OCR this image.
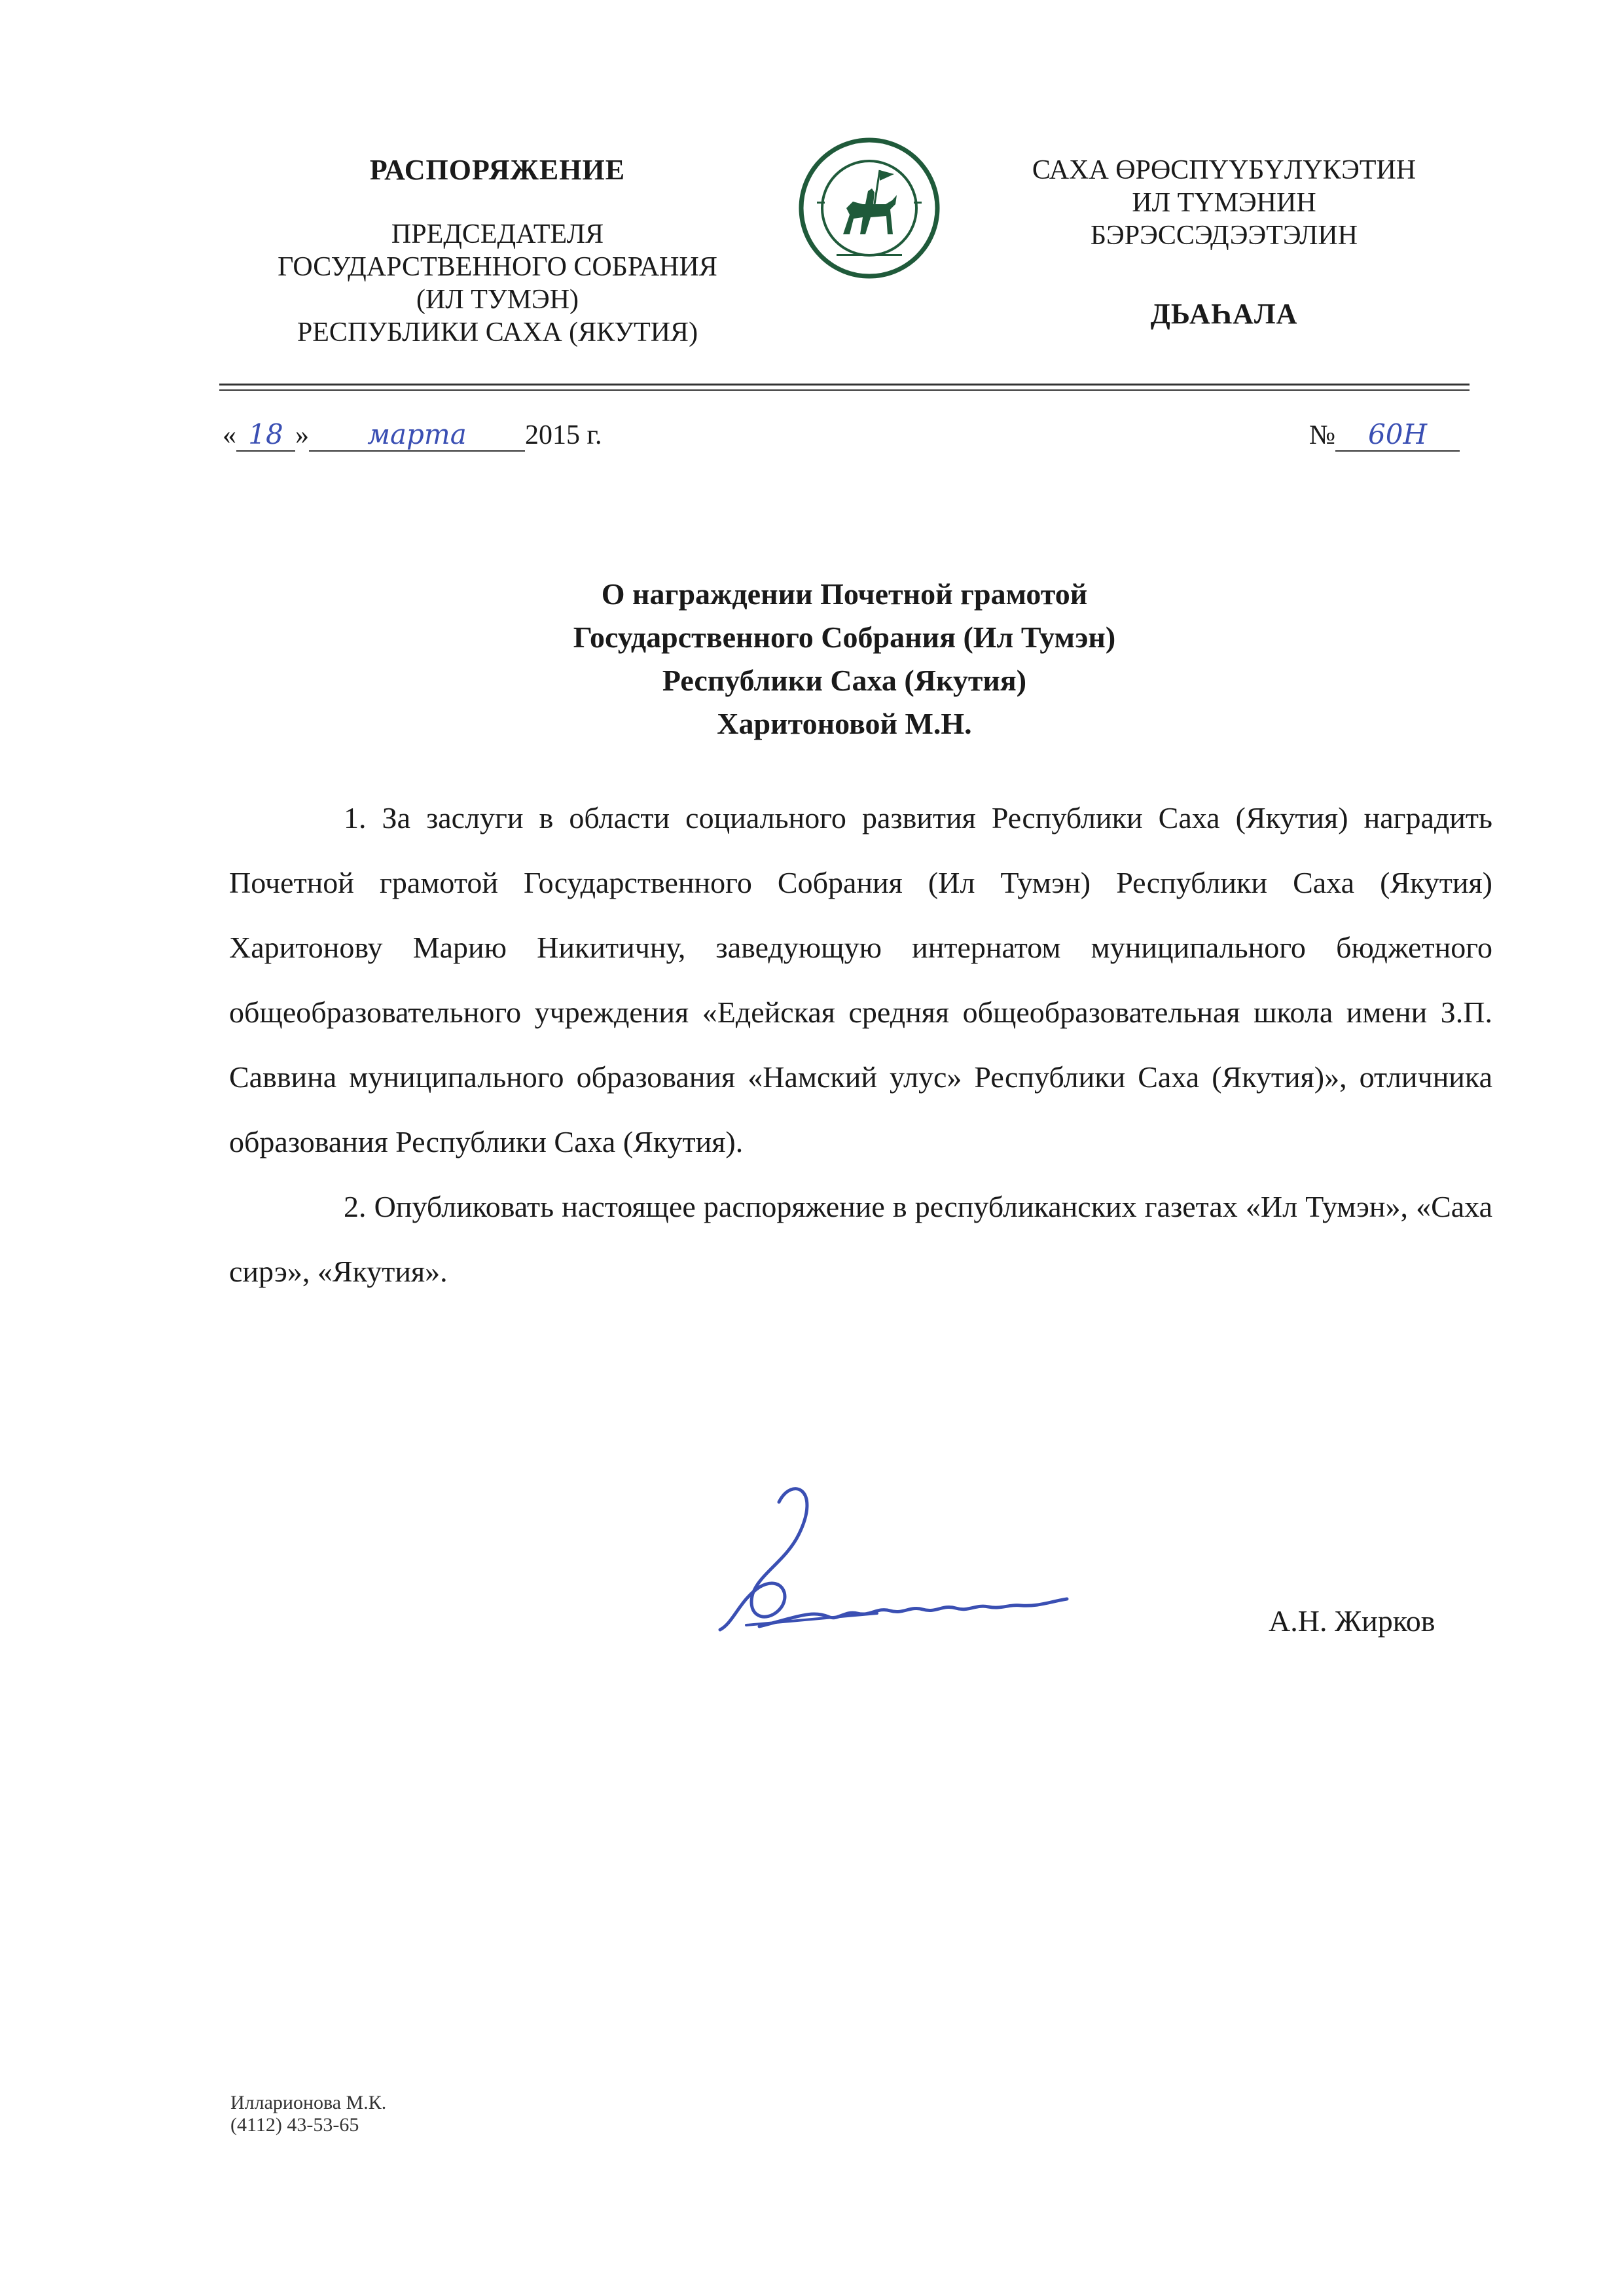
РАСПОРЯЖЕНИЕ
ПРЕДСЕДАТЕЛЯ
ГОСУДАРСТВЕННОГО СОБРАНИЯ
(ИЛ ТУМЭН)
РЕСПУБЛИКИ САХА (ЯКУТИЯ)
САХА ӨРӨСПҮҮБҮЛҮКЭТИН
ИЛ ТҮМЭНИН
БЭРЭССЭДЭЭТЭЛИН
ДЬАҺАЛА
« 18 » марта 2015 г.	№ 60Н
О награждении Почетной грамотой
Государственного Собрания (Ил Тумэн)
Республики Саха (Якутия)
Харитоновой М.Н.

1. За заслуги в области социального развития Республики Саха (Якутия) наградить Почетной грамотой Государственного Собрания (Ил Тумэн) Республики Саха (Якутия) Харитонову Марию Никитичну, заведующую интернатом муниципального бюджетного общеобразовательного учреждения «Едейская средняя общеобразовательная школа имени З.П. Саввина муниципального образования «Намский улус» Республики Саха (Якутия)», отличника образования Республики Саха (Якутия).

2. Опубликовать настоящее распоряжение в республиканских газетах «Ил Тумэн», «Саха сирэ», «Якутия».

А.Н. Жирков
Илларионова М.К.
(4112) 43-53-65
